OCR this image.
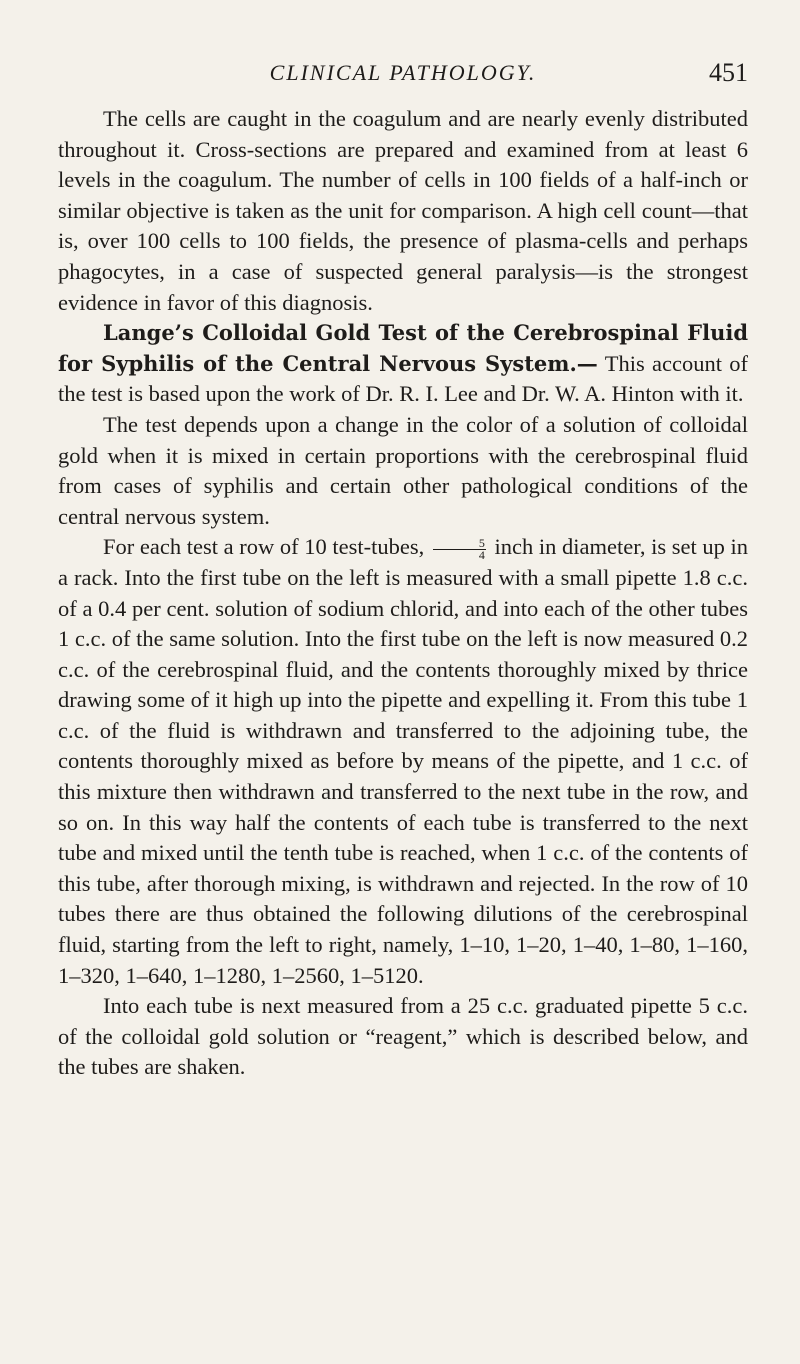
CLINICAL PATHOLOGY.	451

The cells are caught in the coagulum and are nearly evenly distributed throughout it. Cross-sections are prepared and examined from at least 6 levels in the coagulum. The number of cells in 100 fields of a half-inch or similar objective is taken as the unit for comparison. A high cell count—that is, over 100 cells to 100 fields, the presence of plasma-cells and perhaps phagocytes, in a case of suspected general paralysis—is the strongest evidence in favor of this diagnosis.

Lange’s Colloidal Gold Test of the Cerebrospinal Fluid for Syphilis of the Central Nervous System.— This account of the test is based upon the work of Dr. R. I. Lee and Dr. W. A. Hinton with it.

The test depends upon a change in the color of a solution of colloidal gold when it is mixed in certain proportions with the cerebrospinal fluid from cases of syphilis and certain other pathological conditions of the central nervous system.

For each test a row of 10 test-tubes, $\frac{5}{4}$ inch in diameter, is set up in a rack. Into the first tube on the left is measured with a small pipette 1.8 c.c. of a 0.4 per cent. solution of sodium chlorid, and into each of the other tubes 1 c.c. of the same solution. Into the first tube on the left is now measured 0.2 c.c. of the cerebrospinal fluid, and the contents thoroughly mixed by thrice drawing some of it high up into the pipette and expelling it. From this tube 1 c.c. of the fluid is withdrawn and transferred to the adjoining tube, the contents thoroughly mixed as before by means of the pipette, and 1 c.c. of this mixture then withdrawn and transferred to the next tube in the row, and so on. In this way half the contents of each tube is transferred to the next tube and mixed until the tenth tube is reached, when 1 c.c. of the contents of this tube, after thorough mixing, is withdrawn and rejected. In the row of 10 tubes there are thus obtained the following dilutions of the cerebrospinal fluid, starting from the left to right, namely, 1–10, 1–20, 1–40, 1–80, 1–160, 1–320, 1–640, 1–1280, 1–2560, 1–5120.

Into each tube is next measured from a 25 c.c. graduated pipette 5 c.c. of the colloidal gold solution or “reagent,” which is described below, and the tubes are shaken.
